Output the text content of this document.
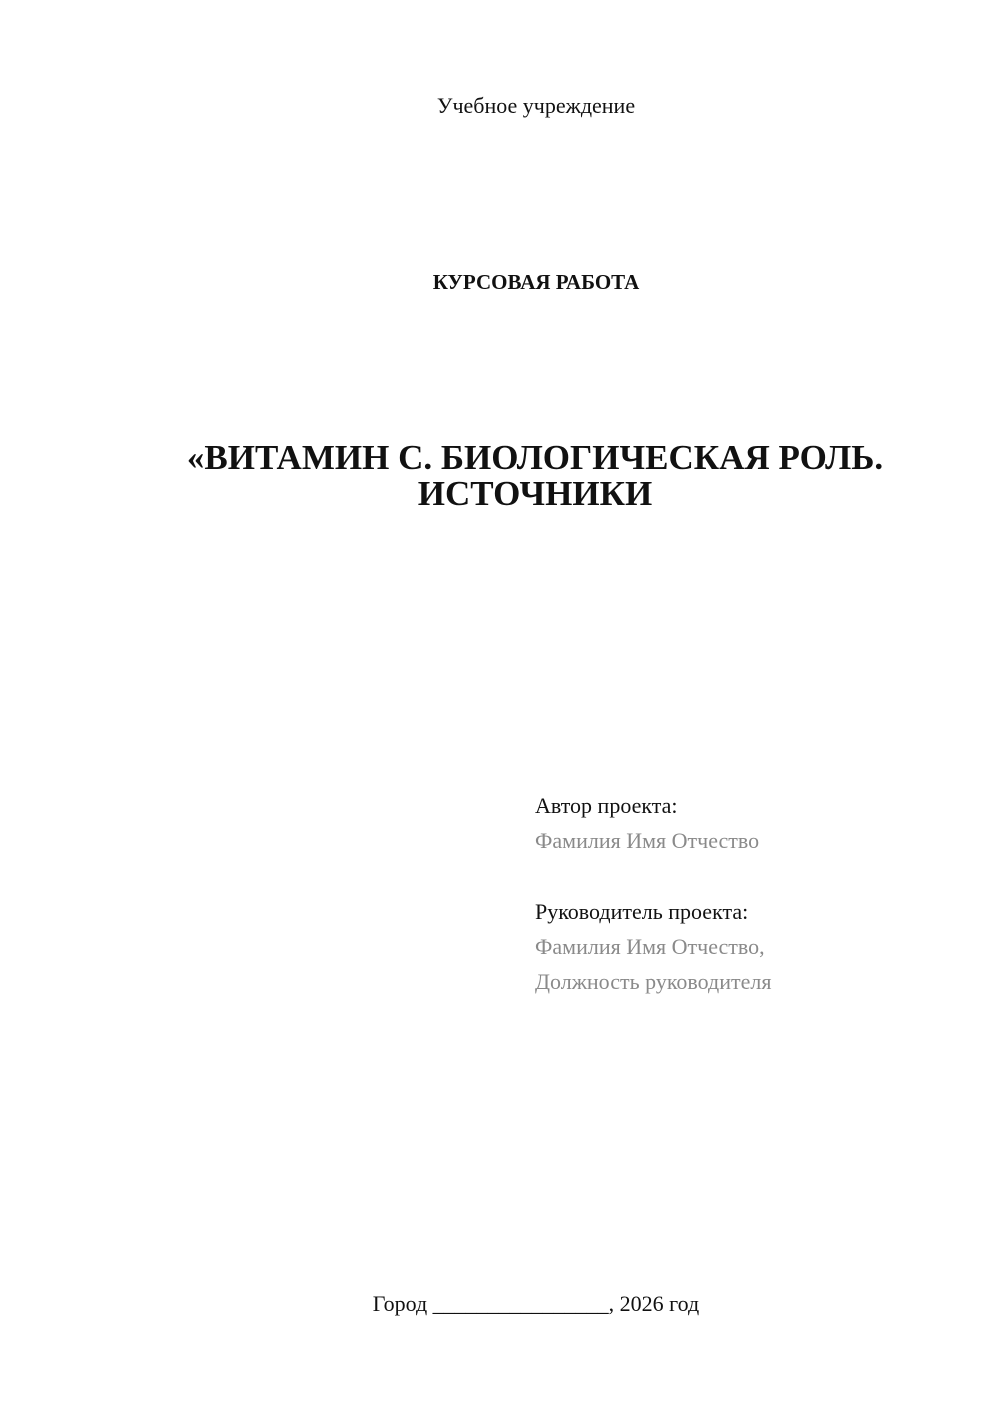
Учебное учреждение
КУРСОВАЯ РАБОТА
«ВИТАМИН С. БИОЛОГИЧЕСКАЯ РОЛЬ.
ИСТОЧНИКИ
Автор проекта:
Фамилия Имя Отчество
Руководитель проекта:
Фамилия Имя Отчество,
Должность руководителя
Город ________________, 2026 год
